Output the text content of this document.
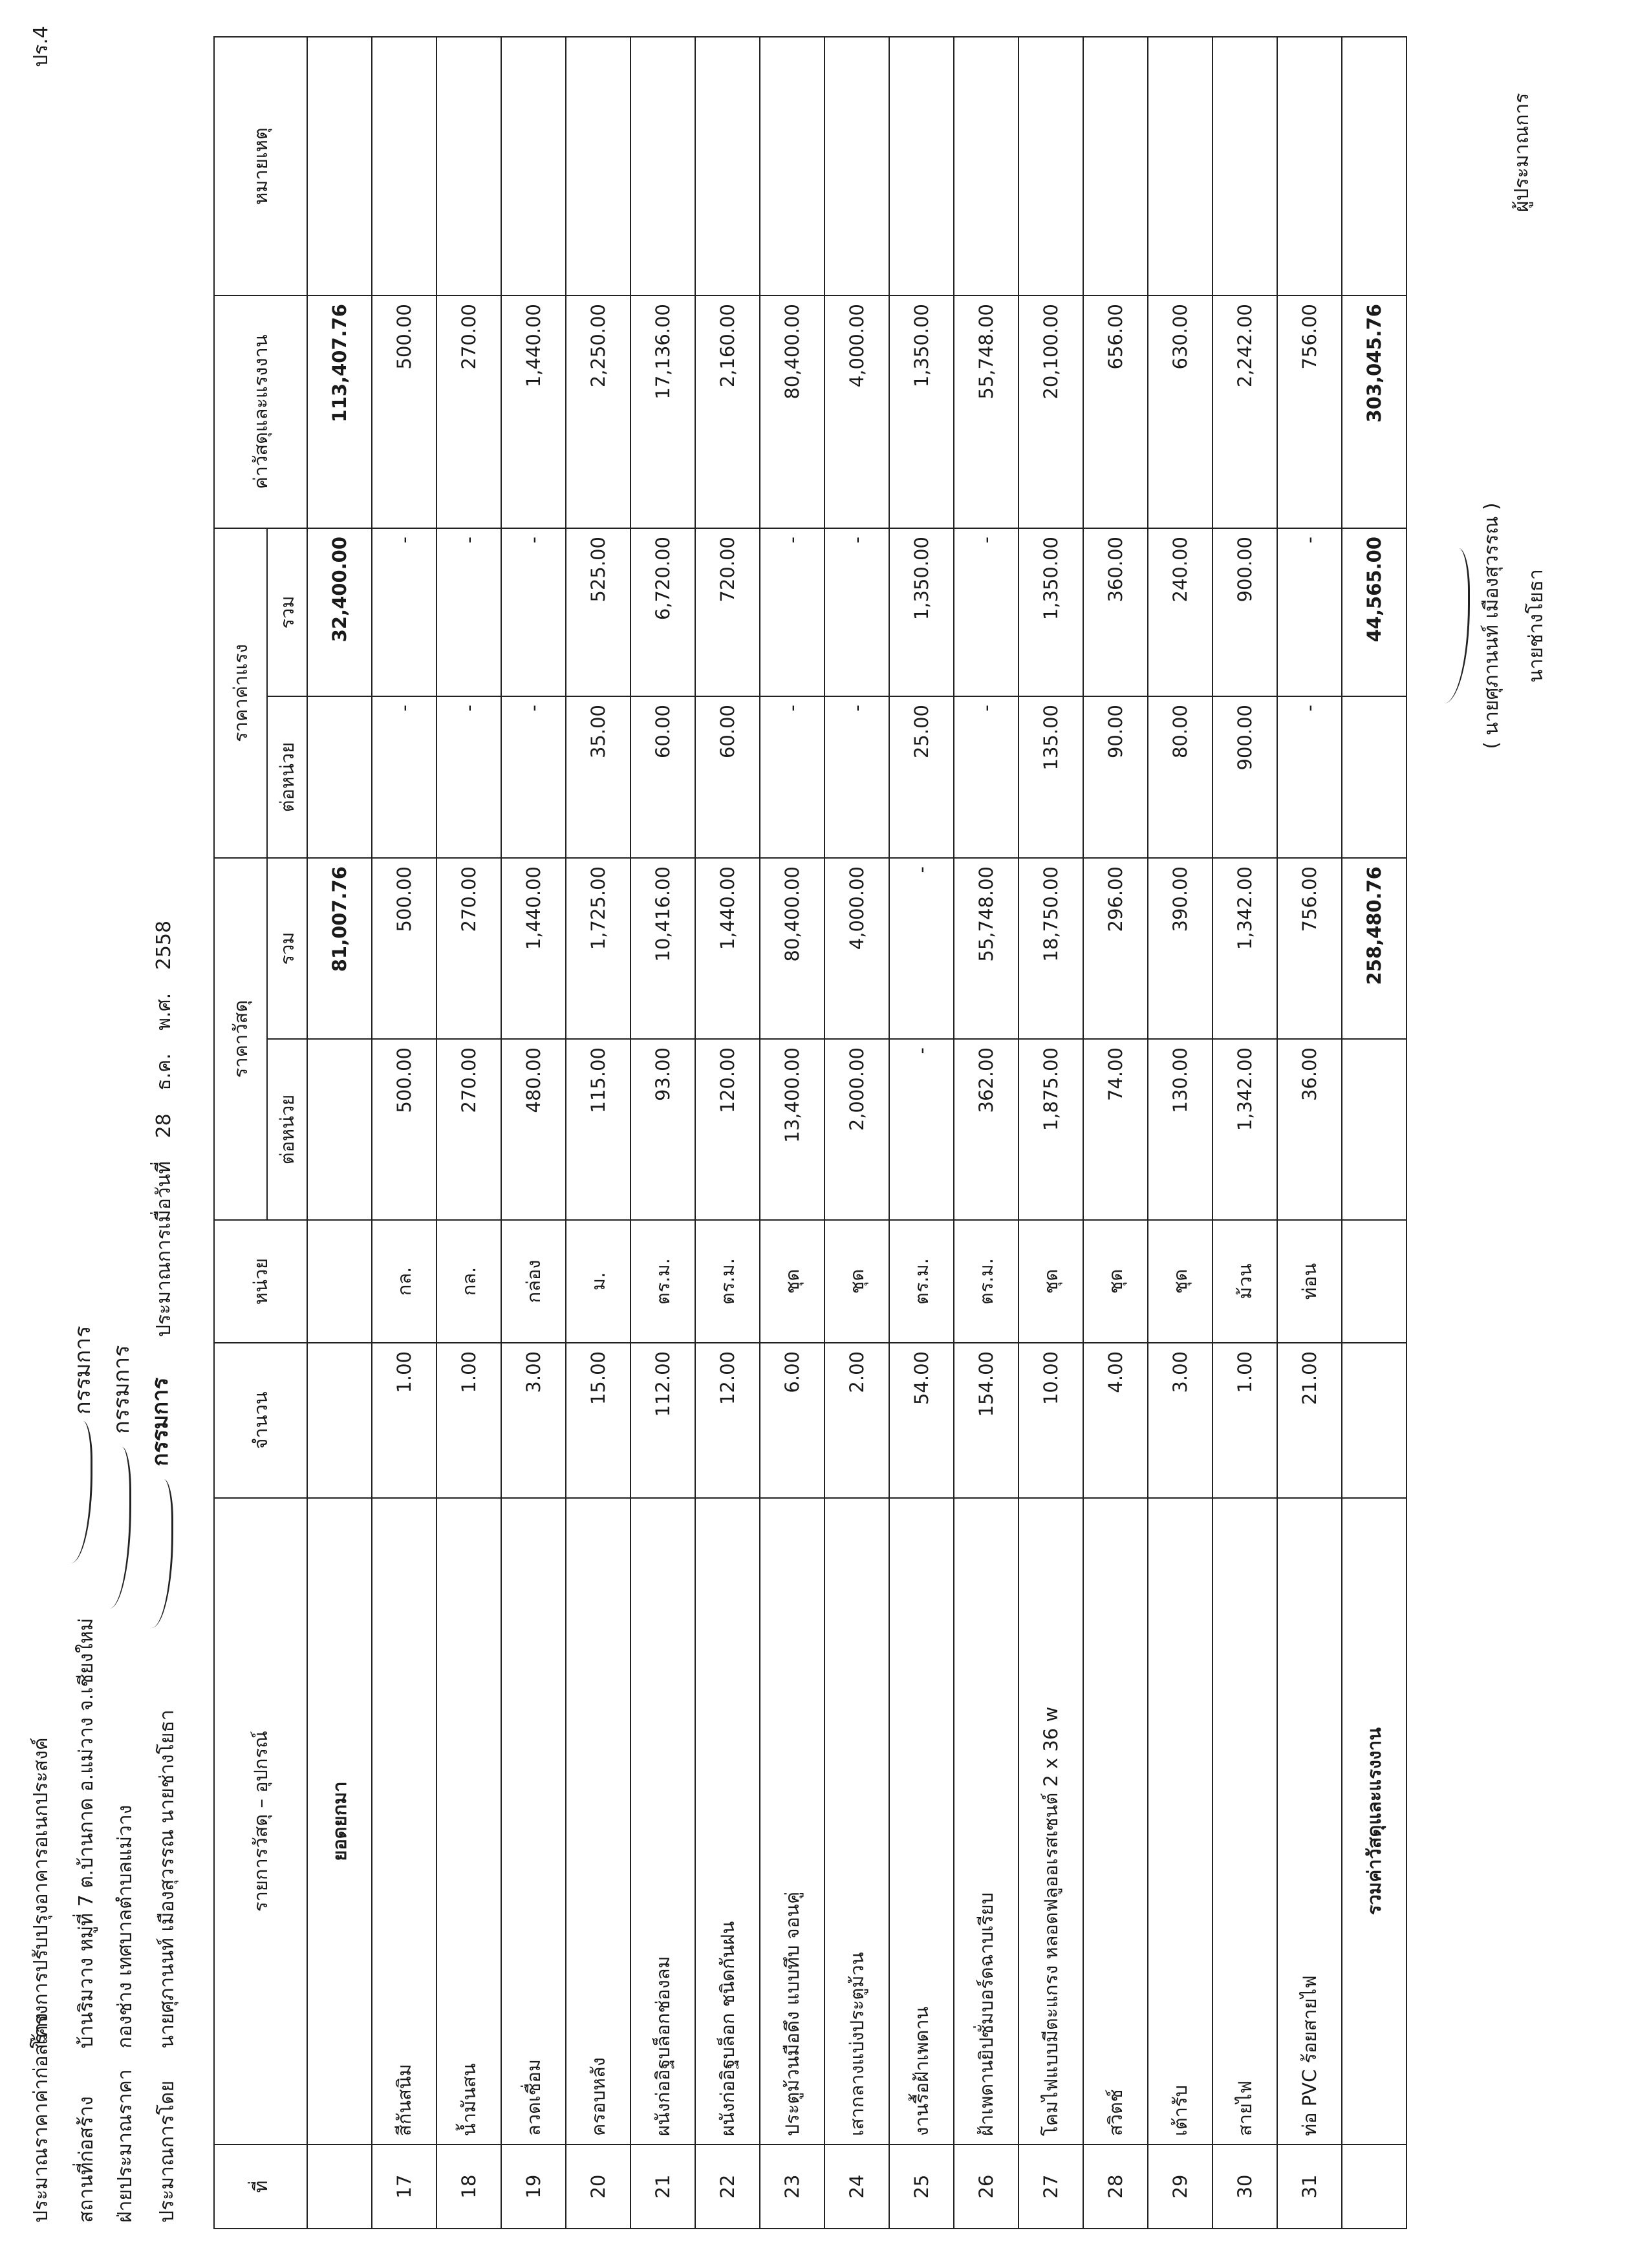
ประมาณราคาค่าก่อสร้าง โครงการปรับปรุงอาคารอเนกประสงค์
ปร.4
สถานที่ก่อสร้าง บ้านริมวาง หมู่ที่ 7 ต.บ้านกาด อ.แม่วาง จ.เชียงใหม่
กรรมการ
ฝ่ายประมาณราคา กองช่าง เทศบาลตำบลแม่วาง
กรรมการ
ประมาณการโดย นายศุภานนท์ เมืองสุวรรณ นายช่างโยธา
กรรมการ
ประมาณการเมื่อวันที่ 28 ธ.ค. พ.ศ. 2558
ที่	รายการวัสดุ – อุปกรณ์	จำนวน	หน่วย	ราคาวัสดุ		ราคาค่าแรง		ค่าวัสดุและแรงงาน	หมายเหตุ
				ต่อหน่วย	รวม	ต่อหน่วย	รวม		
	ยอดยกมา				81,007.76		32,400.00	113,407.76	
17	สีกันสนิม	1.00	กล.	500.00	500.00	-	-	500.00	
18	น้ำมันสน	1.00	กล.	270.00	270.00	-	-	270.00	
19	ลวดเชื่อม	3.00	กล่อง	480.00	1,440.00	-	-	1,440.00	
20	ครอบหลัง	15.00	ม.	115.00	1,725.00	35.00	525.00	2,250.00	
21	ผนังก่ออิฐบล็อกช่องลม	112.00	ตร.ม.	93.00	10,416.00	60.00	6,720.00	17,136.00	
22	ผนังก่ออิฐบล็อก ชนิดกันฝน	12.00	ตร.ม.	120.00	1,440.00	60.00	720.00	2,160.00	
23	ประตูม้วนมือดึง แบบทึบ จอนคู่	6.00	ชุด	13,400.00	80,400.00	-	-	80,400.00	
24	เสากลางแบ่งประตูม้วน	2.00	ชุด	2,000.00	4,000.00	-	-	4,000.00	
25	งานรื้อฝ้าเพดาน	54.00	ตร.ม.	-	-	25.00	1,350.00	1,350.00	
26	ฝ้าเพดานยิปซั่มบอร์ดฉาบเรียบ	154.00	ตร.ม.	362.00	55,748.00	-	-	55,748.00	
27	โคมไฟแบบมีตะแกรง หลอดฟลูออเรสเซนต์ 2 x 36 w	10.00	ชุด	1,875.00	18,750.00	135.00	1,350.00	20,100.00	
28	สวิตช์	4.00	ชุด	74.00	296.00	90.00	360.00	656.00	
29	เต้ารับ	3.00	ชุด	130.00	390.00	80.00	240.00	630.00	
30	สายไฟ	1.00	ม้วน	1,342.00	1,342.00	900.00	900.00	2,242.00	
31	ท่อ PVC ร้อยสายไฟ	21.00	ท่อน	36.00	756.00	-	-	756.00	
	รวมค่าวัสดุและแรงงาน				258,480.76		44,565.00	303,045.76	
( นายศุภานนท์ เมืองสุวรรณ ) นายช่างโยธา
ผู้ประมาณการ
